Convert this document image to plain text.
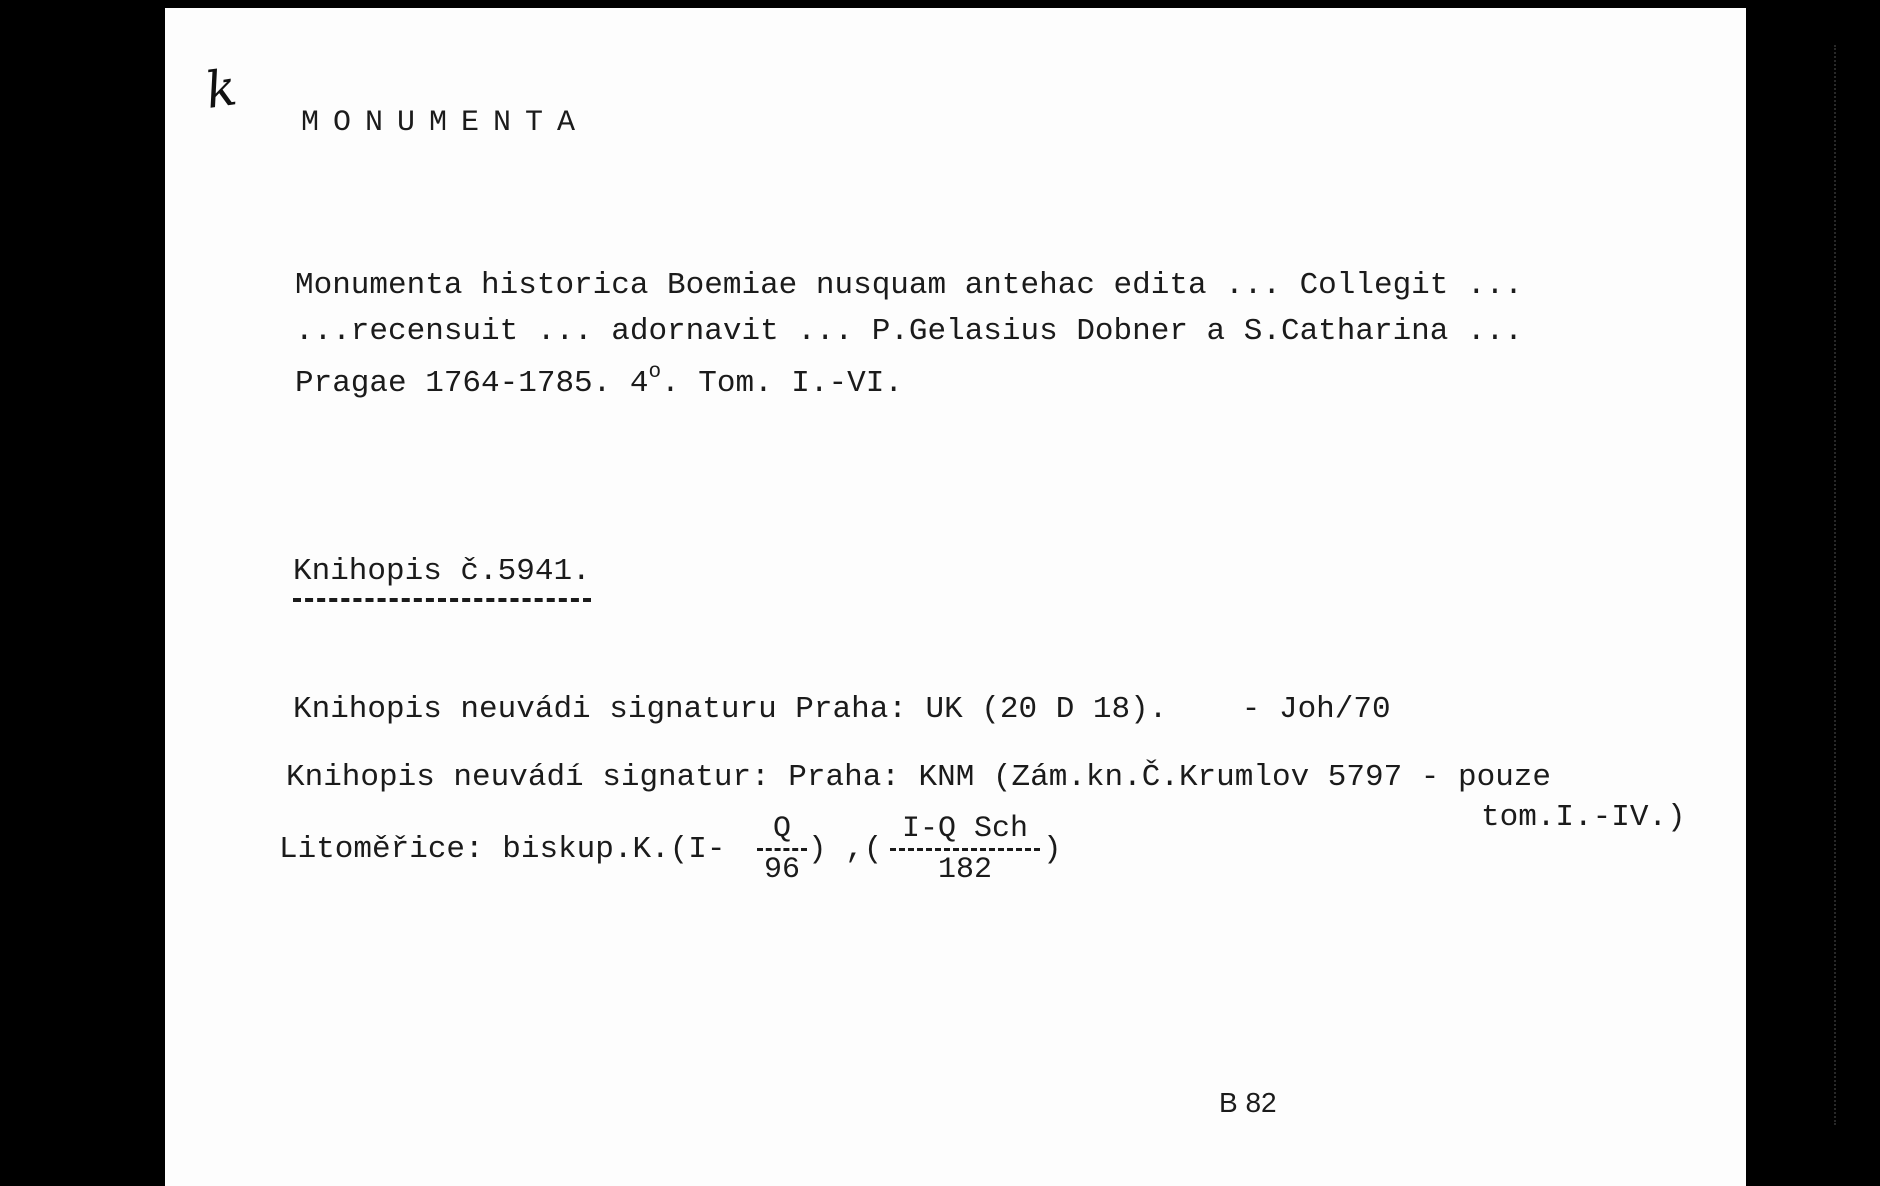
k
MONUMENTA
Monumenta historica Boemiae nusquam antehac edita ... Collegit ...
...recensuit ... adornavit ... P.Gelasius Dobner a S.Catharina ...
Pragae 1764-1785. 4$^o$. Tom. I.-VI.
Knihopis č.5941.
Knihopis neuvádi signaturu Praha: UK (20 D 18).    - Joh/70
Knihopis neuvádí signatur: Praha: KNM (Zám.kn.Č.Krumlov 5797 - pouze
tom.I.-IV.)
Litoměřice: biskup.K.(I- $\frac{Q}{96}$ ) ,(
I-Q Sch
182
)
B 82
